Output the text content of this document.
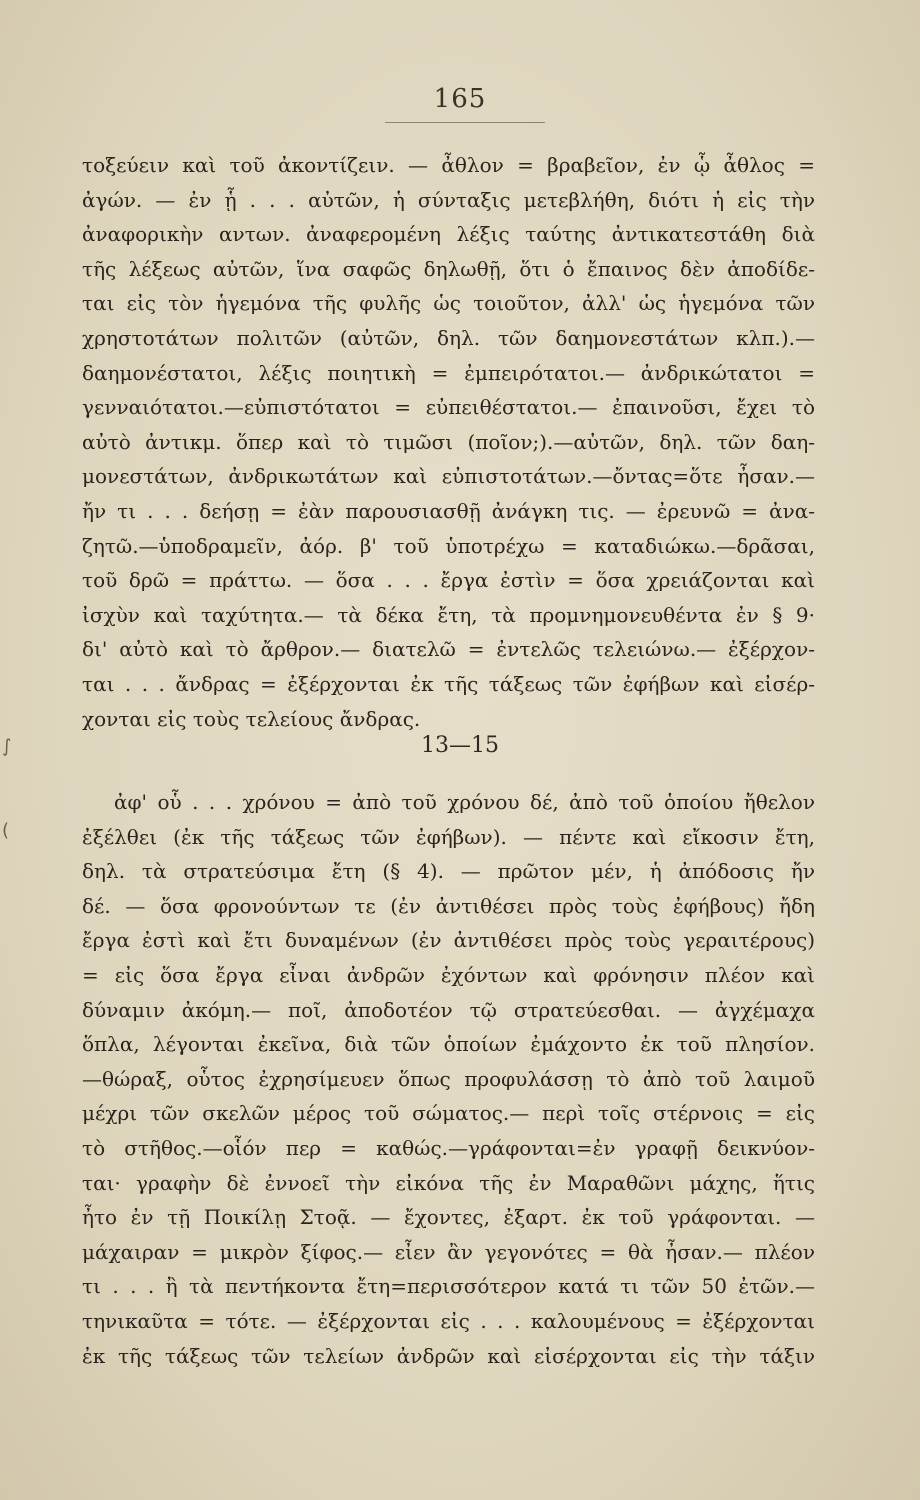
165
τοξεύειν καὶ τοῦ ἀκοντίζειν. — ἆθλον = βραβεῖον, ἐν ᾧ ἆθλος =
ἀγών. — ἐν ᾗ . . . αὐτῶν, ἡ σύνταξις μετεβλήθη, διότι ἡ εἰς τὴν
ἀναφορικὴν αντων. ἀναφερομένη λέξις ταύτης ἀντικατεστάθη διὰ
τῆς λέξεως αὐτῶν, ἵνα σαφῶς δηλωθῇ, ὅτι ὁ ἔπαινος δὲν ἀποδίδε-
ται εἰς τὸν ἡγεμόνα τῆς φυλῆς ὡς τοιοῦτον, ἀλλ' ὡς ἡγεμόνα τῶν
χρηστοτάτων πολιτῶν (αὐτῶν, δηλ. τῶν δαημονεστάτων κλπ.).—
δαημονέστατοι, λέξις ποιητικὴ = ἐμπειρότατοι.— ἀνδρικώτατοι =
γενναιότατοι.—εὐπιστότατοι = εὐπειθέστατοι.— ἐπαινοῦσι, ἔχει τὸ
αὐτὸ ἀντικμ. ὅπερ καὶ τὸ τιμῶσι (ποῖον;).—αὐτῶν, δηλ. τῶν δαη-
μονεστάτων, ἀνδρικωτάτων καὶ εὐπιστοτάτων.—ὄντας=ὅτε ἦσαν.—
ἤν τι . . . δεήσῃ = ἐὰν παρουσιασθῇ ἀνάγκη τις. — ἐρευνῶ = ἀνα-
ζητῶ.—ὑποδραμεῖν, ἀόρ. β' τοῦ ὑποτρέχω = καταδιώκω.—δρᾶσαι,
τοῦ δρῶ = πράττω. — ὅσα . . . ἔργα ἐστὶν = ὅσα χρειάζονται καὶ
ἰσχὺν καὶ ταχύτητα.— τὰ δέκα ἔτη, τὰ προμνημονευθέντα ἐν § 9·
δι' αὐτὸ καὶ τὸ ἄρθρον.— διατελῶ = ἐντελῶς τελειώνω.— ἐξέρχον-
ται . . . ἄνδρας = ἐξέρχονται ἐκ τῆς τάξεως τῶν ἐφήβων καὶ εἰσέρ-
χονται εἰς τοὺς τελείους ἄνδρας.
13—15
ἀφ' οὗ . . . χρόνου = ἀπὸ τοῦ χρόνου δέ, ἀπὸ τοῦ ὁποίου ἤθελον
ἐξέλθει (ἐκ τῆς τάξεως τῶν ἐφήβων). — πέντε καὶ εἴκοσιν ἔτη,
δηλ. τὰ στρατεύσιμα ἔτη (§ 4). — πρῶτον μέν, ἡ ἀπόδοσις ἤν
δέ. — ὅσα φρονούντων τε (ἐν ἀντιθέσει πρὸς τοὺς ἐφήβους) ἤδη
ἔργα ἐστὶ καὶ ἔτι δυναμένων (ἐν ἀντιθέσει πρὸς τοὺς γεραιτέρους)
= εἰς ὅσα ἔργα εἶναι ἀνδρῶν ἐχόντων καὶ φρόνησιν πλέον καὶ
δύναμιν ἀκόμη.— ποῖ, ἀποδοτέον τῷ στρατεύεσθαι. — ἀγχέμαχα
ὅπλα, λέγονται ἐκεῖνα, διὰ τῶν ὁποίων ἐμάχοντο ἐκ τοῦ πλησίον.
—θώραξ, οὗτος ἐχρησίμευεν ὅπως προφυλάσσῃ τὸ ἀπὸ τοῦ λαιμοῦ
μέχρι τῶν σκελῶν μέρος τοῦ σώματος.— περὶ τοῖς στέρνοις = εἰς
τὸ στῆθος.—οἷόν περ = καθώς.—γράφονται=ἐν γραφῇ δεικνύον-
ται· γραφὴν δὲ ἐννοεῖ τὴν εἰκόνα τῆς ἐν Μαραθῶνι μάχης, ἥτις
ἦτο ἐν τῇ Ποικίλῃ Στοᾷ. — ἔχοντες, ἐξαρτ. ἐκ τοῦ γράφονται. —
μάχαιραν = μικρὸν ξίφος.— εἶεν ἂν γεγονότες = θὰ ἦσαν.— πλέον
τι . . . ἢ τὰ πεντήκοντα ἔτη=περισσότερον κατά τι τῶν 50 ἐτῶν.—
τηνικαῦτα = τότε. — ἐξέρχονται εἰς . . . καλουμένους = ἐξέρχονται
ἐκ τῆς τάξεως τῶν τελείων ἀνδρῶν καὶ εἰσέρχονται εἰς τὴν τάξιν
∫
(
